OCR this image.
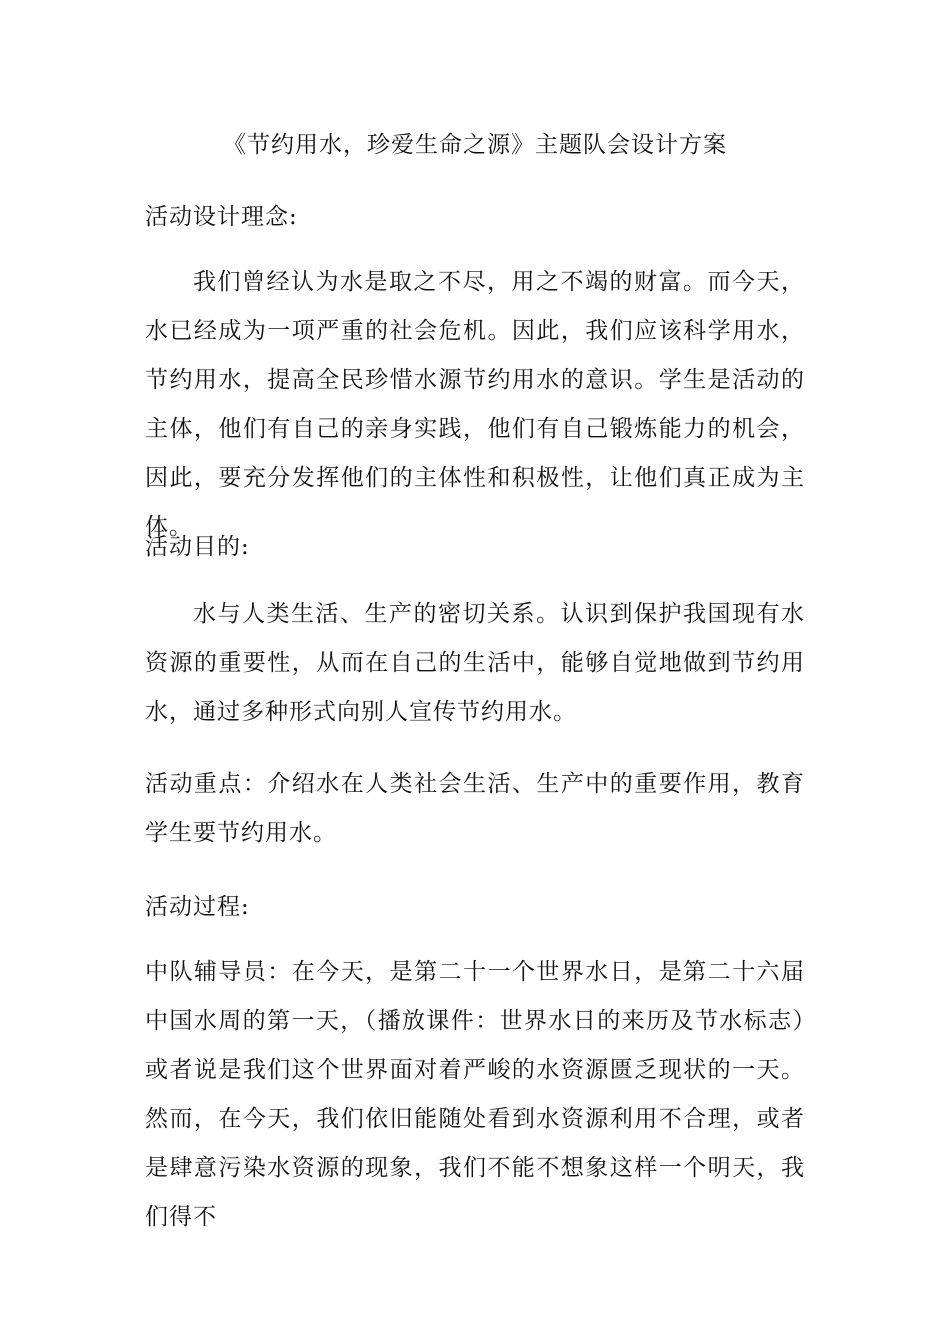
《节约用水，珍爱生命之源》主题队会设计方案
活动设计理念:
我们曾经认为水是取之不尽，用之不竭的财富。而今天，水已经成为一项严重的社会危机。因此，我们应该科学用水，节约用水，提高全民珍惜水源节约用水的意识。学生是活动的主体，他们有自己的亲身实践，他们有自己锻炼能力的机会，因此，要充分发挥他们的主体性和积极性，让他们真正成为主体。
活动目的:
水与人类生活、生产的密切关系。认识到保护我国现有水资源的重要性，从而在自己的生活中，能够自觉地做到节约用水，通过多种形式向别人宣传节约用水。
活动重点：介绍水在人类社会生活、生产中的重要作用，教育 学生要节约用水。
活动过程:
中队辅导员：在今天，是第二十一个世界水日，是第二十六届中国水周的第一天，（播放课件：世界水日的来历及节水标志）或者说是我们这个世界面对着严峻的水资源匮乏现状的一天。然而，在今天，我们依旧能随处看到水资源利用不合理，或者是肆意污染水资源的现象，我们不能不想象这样一个明天，我们得不
